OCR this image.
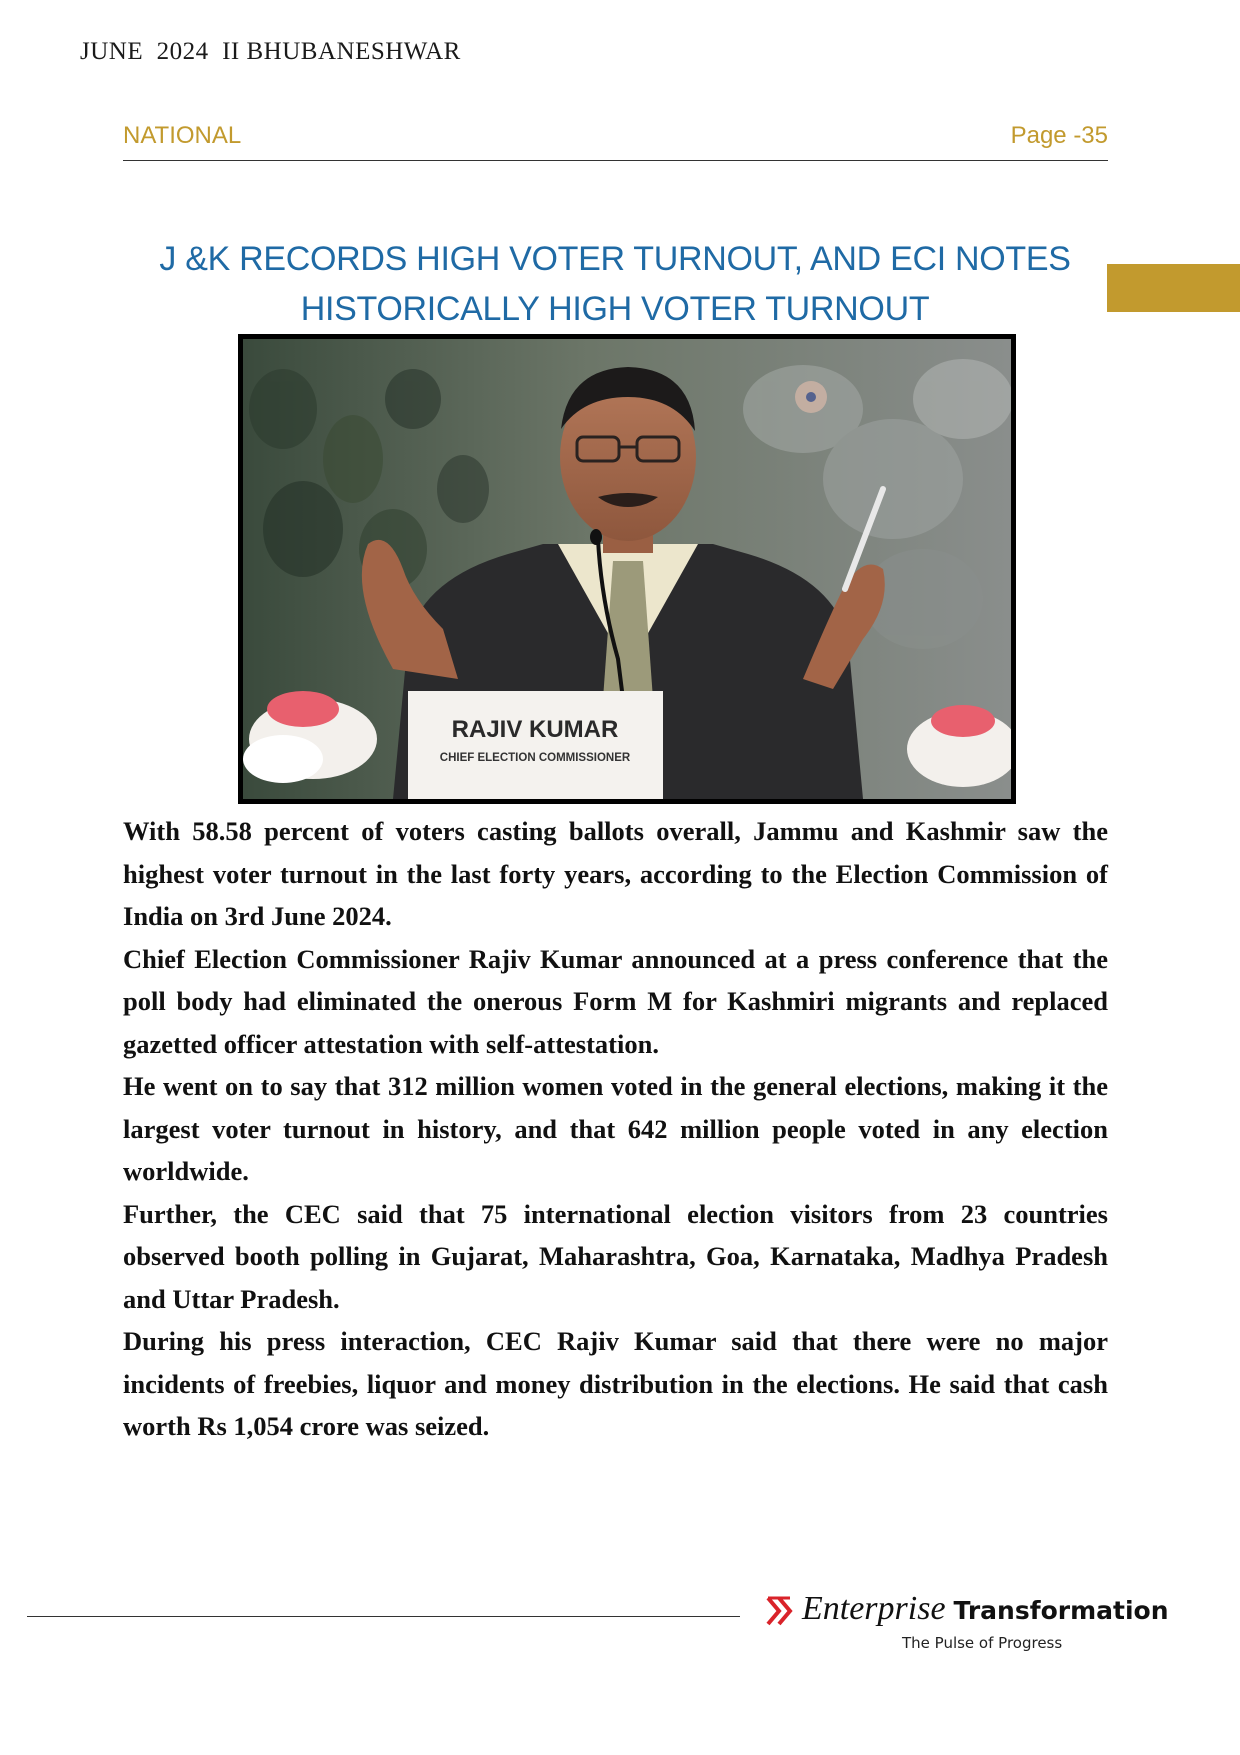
JUNE  2024  II BHUBANESHWAR
NATIONAL	Page -35
J &K RECORDS HIGH VOTER TURNOUT, AND ECI NOTES
HISTORICALLY HIGH VOTER TURNOUT
RAJIV KUMAR
CHIEF ELECTION COMMISSIONER

With 58.58 percent of voters casting ballots overall, Jammu and Kashmir saw the highest voter turnout in the last forty years, according to the Election Commission of India on 3rd June 2024.

Chief Election Commissioner Rajiv Kumar announced at a press conference that the poll body had eliminated the onerous Form M for Kashmiri migrants and replaced gazetted officer attestation with self-attestation.

He went on to say that 312 million women voted in the general elections, making it the largest voter turnout in history, and that 642 million people voted in any election worldwide.

Further, the CEC said that 75 international election visitors from 23 countries observed booth polling in Gujarat, Maharashtra, Goa, Karnataka, Madhya Pradesh and Uttar Pradesh.

During his press interaction, CEC Rajiv Kumar said that there were no major incidents of freebies, liquor and money distribution in the elections. He said that cash worth Rs 1,054 crore was seized.

Enterprise Transformation
The Pulse of Progress
